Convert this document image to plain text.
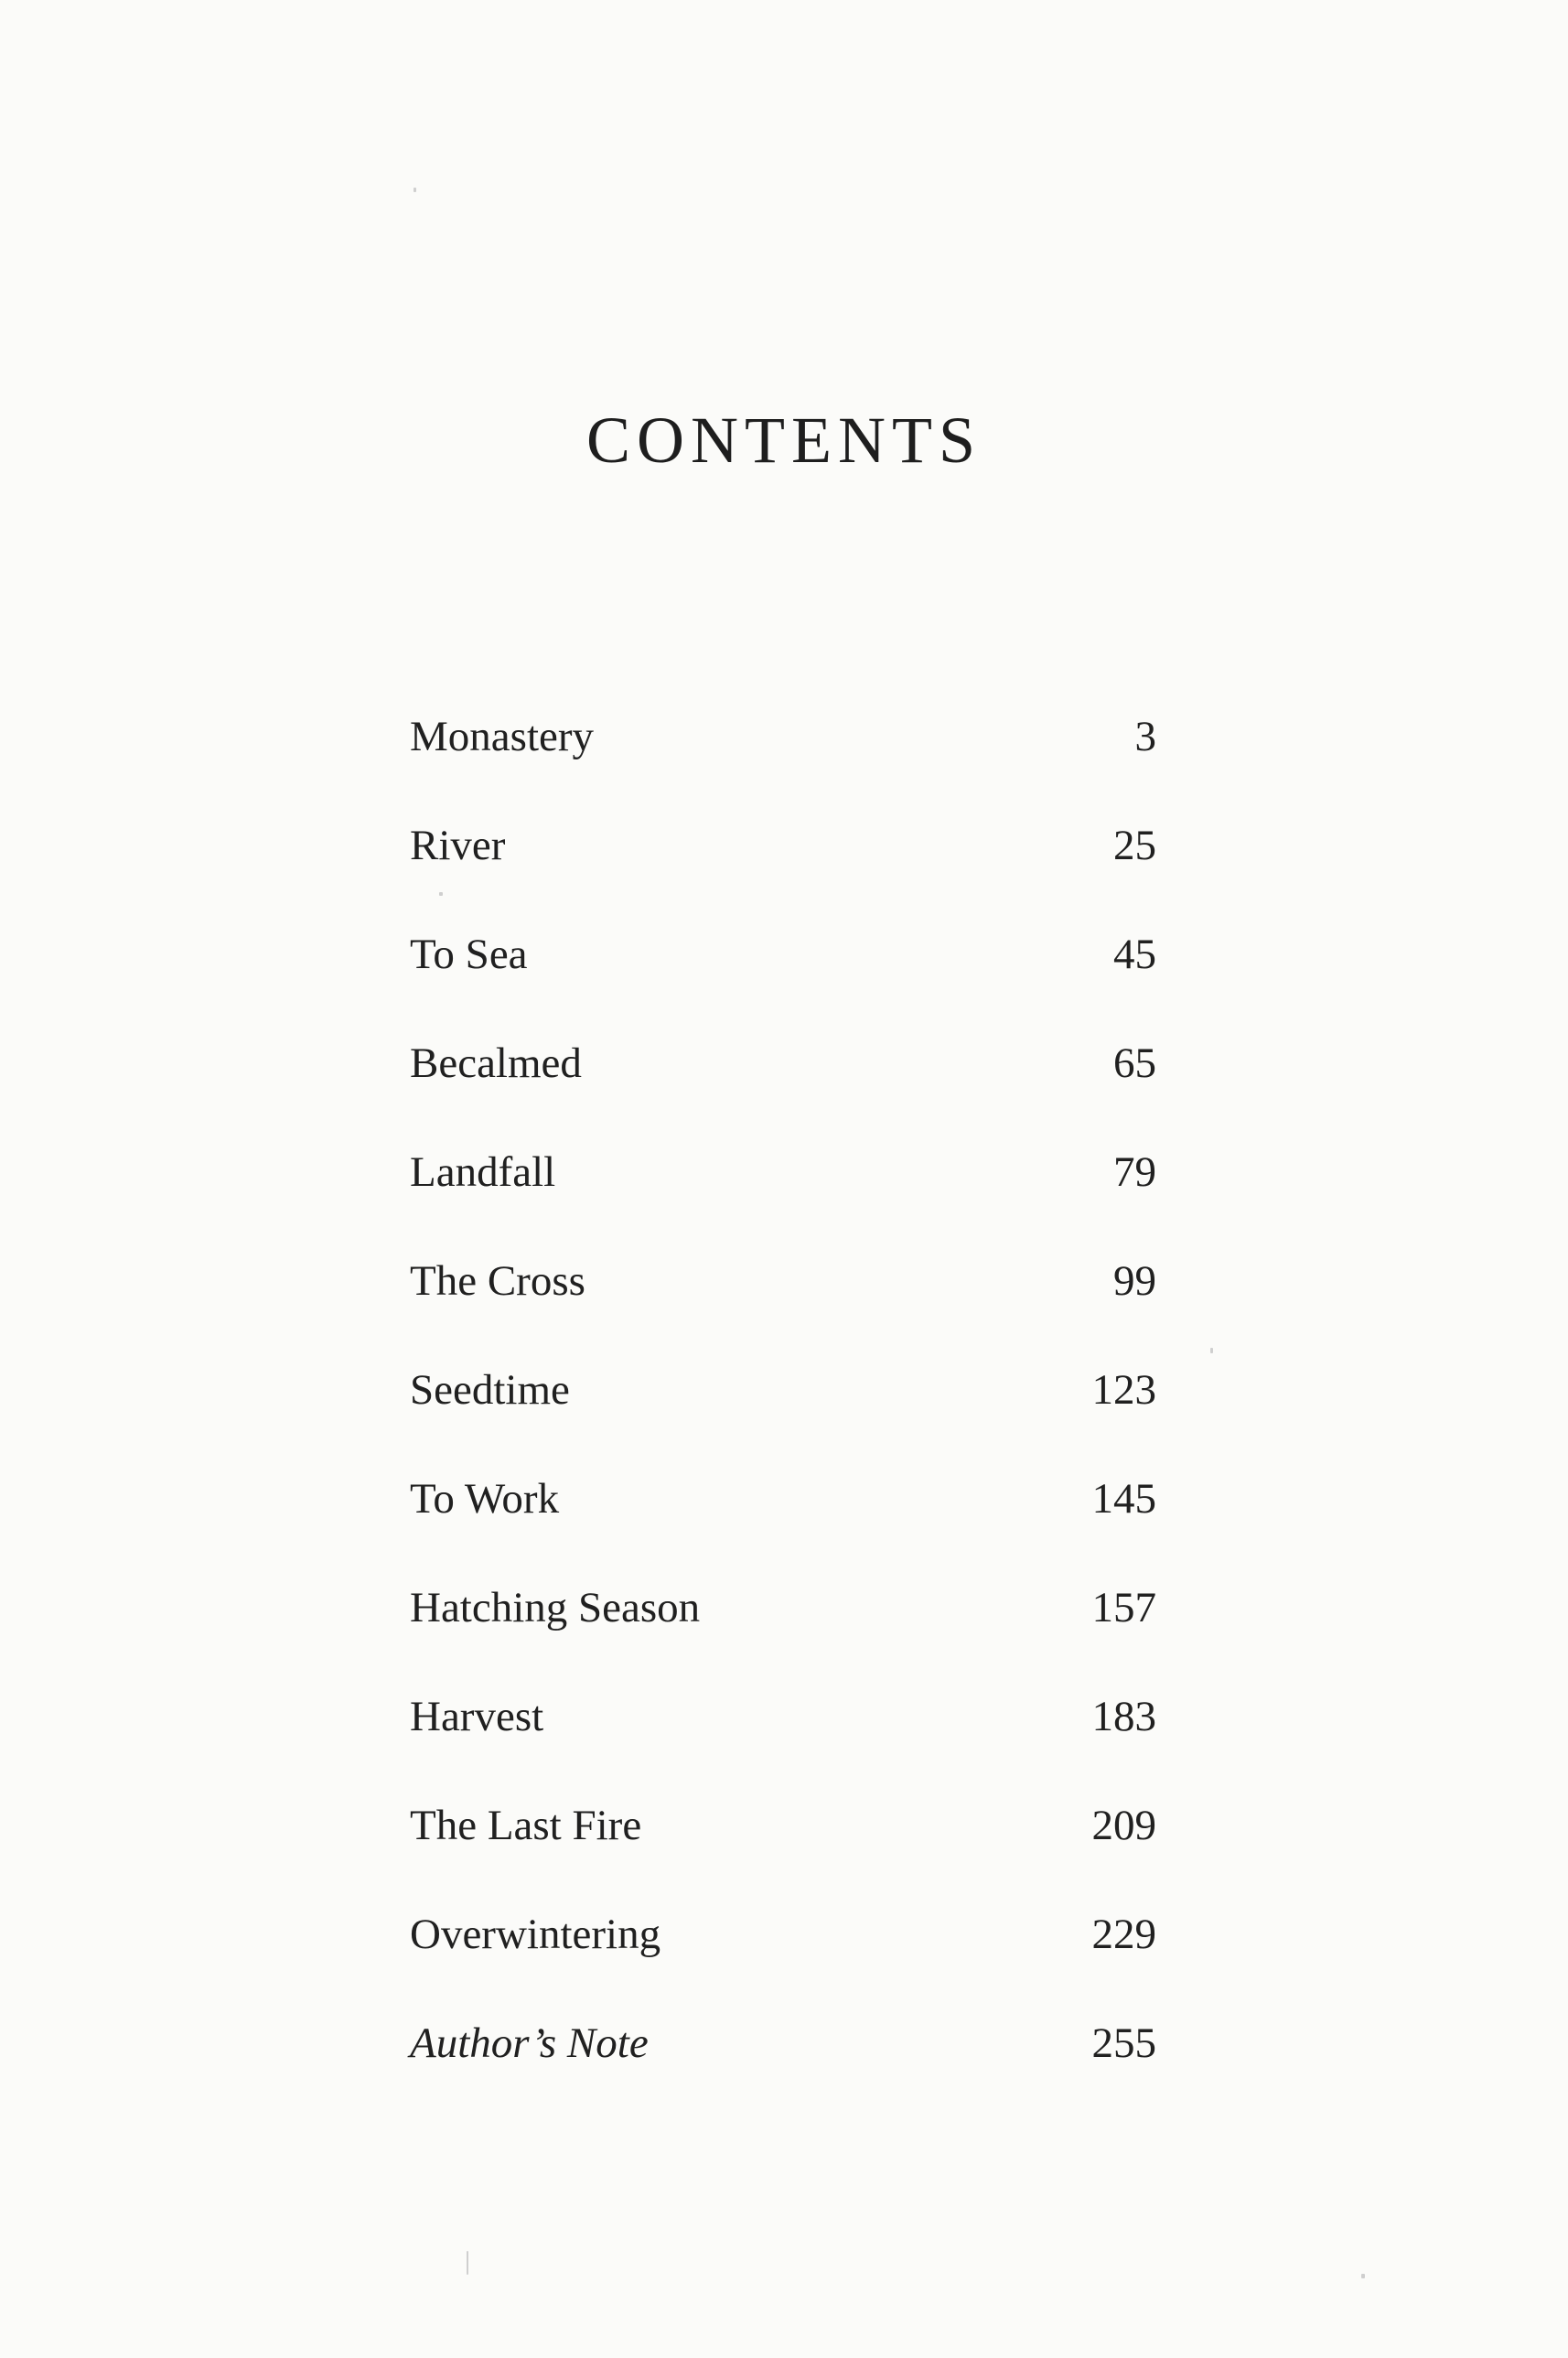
CONTENTS
Monastery	3
River	25
To Sea	45
Becalmed	65
Landfall	79
The Cross	99
Seedtime	123
To Work	145
Hatching Season	157
Harvest	183
The Last Fire	209
Overwintering	229
Author’s Note	255
